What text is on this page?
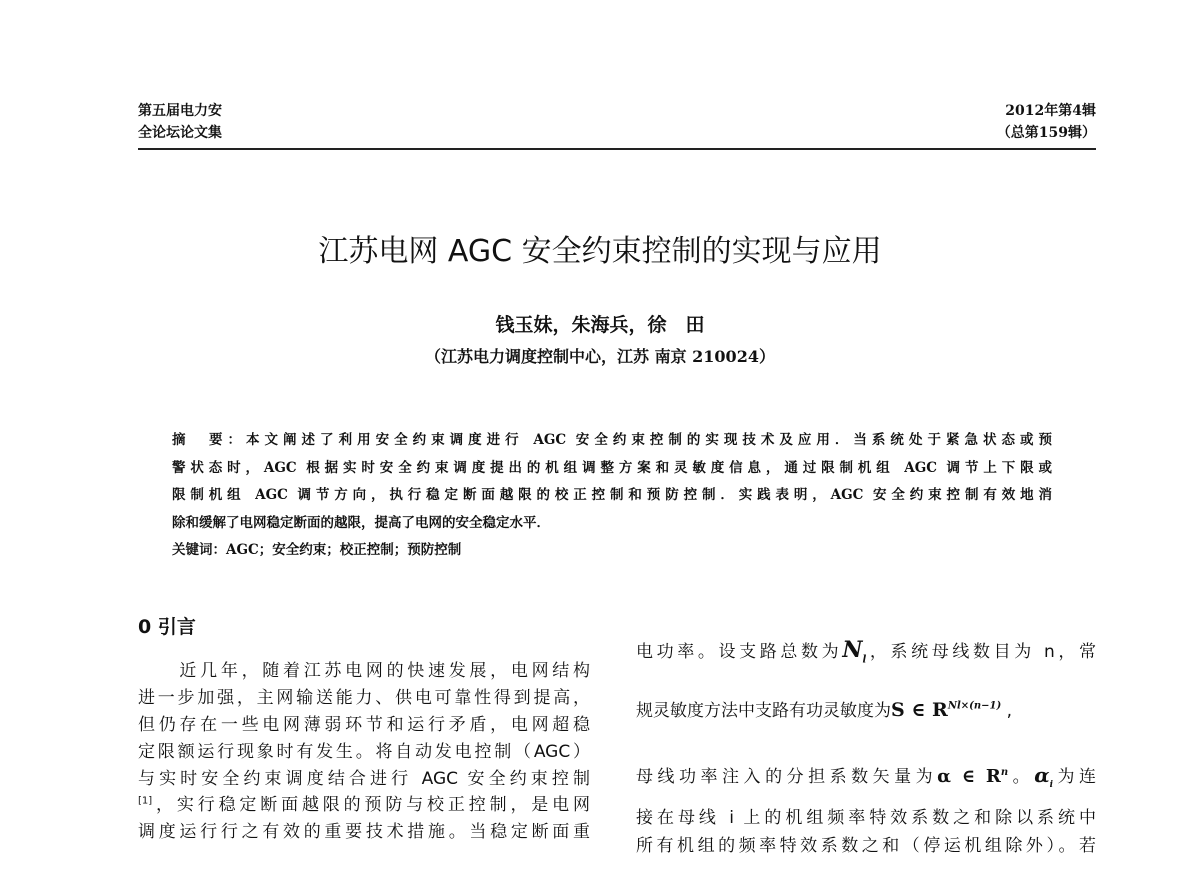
第五届电力安
全论坛论文集
2012年第4辑
（总第159辑）
江苏电网 AGC 安全约束控制的实现与应用
钱玉妹，朱海兵，徐　田
（江苏电力调度控制中心，江苏 南京 210024）
摘　要：本文阐述了利用安全约束调度进行 AGC 安全约束控制的实现技术及应用．当系统处于紧急状态或预
警状态时，AGC 根据实时安全约束调度提出的机组调整方案和灵敏度信息，通过限制机组 AGC 调节上下限或
限制机组 AGC 调节方向，执行稳定断面越限的校正控制和预防控制．实践表明，AGC 安全约束控制有效地消
除和缓解了电网稳定断面的越限，提高了电网的安全稳定水平．
关键词：AGC；安全约束；校正控制；预防控制
0 引言
　　近几年，随着江苏电网的快速发展，电网结构
进一步加强，主网输送能力、供电可靠性得到提高，
但仍存在一些电网薄弱环节和运行矛盾，电网超稳
定限额运行现象时有发生。将自动发电控制（AGC）
与实时安全约束调度结合进行 AGC 安全约束控制
[1]，实行稳定断面越限的预防与校正控制，是电网
调度运行行之有效的重要技术措施。当稳定断面重
电功率。设支路总数为$N_l$，系统母线数目为 n，常
规灵敏度方法中支路有功灵敏度为S ∈ $R^{Nl\times(n-1)}$ ,
母线功率注入的分担系数矢量为α ∈ $R^n$。$\alpha_i$为连
接在母线 i 上的机组频率特效系数之和除以系统中
所有机组的频率特效系数之和（停运机组除外）。若
